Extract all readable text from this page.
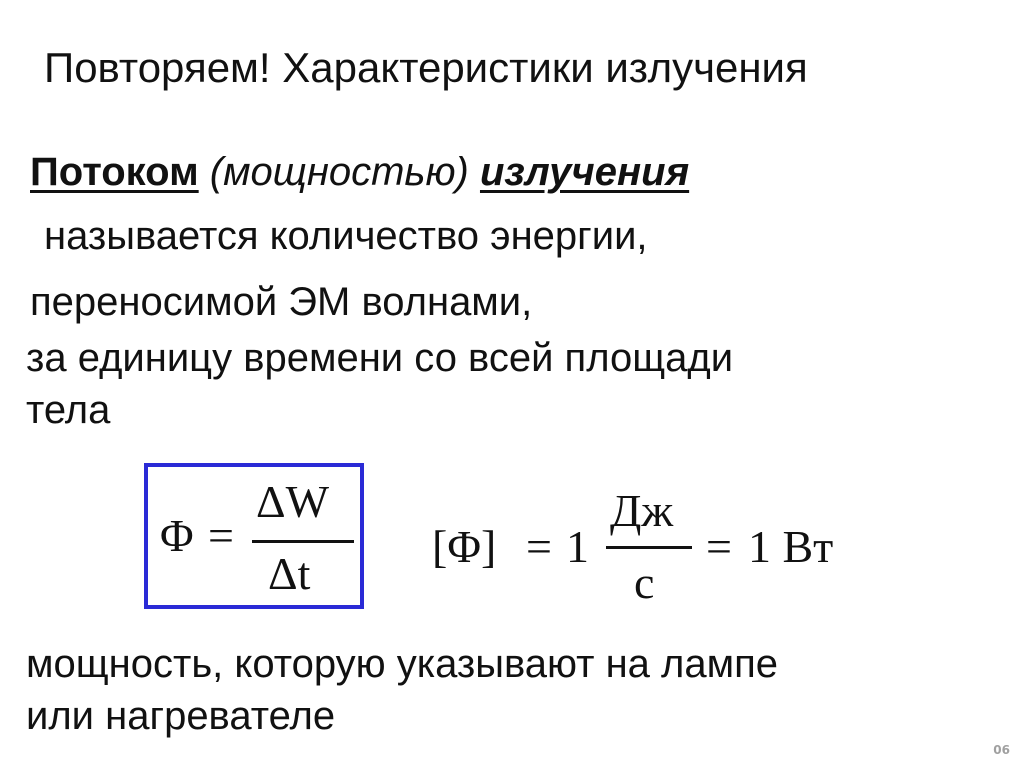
Повторяем! Характеристики излучения
Потоком (мощностью) излучения
называется количество энергии,
переносимой ЭМ волнами,
за единицу времени со всей площади
тела
Φ =
ΔW
Δt
[Φ] = 1
Дж
с
= 1 Вт
мощность, которую указывают на лампе
или нагревателе
06
